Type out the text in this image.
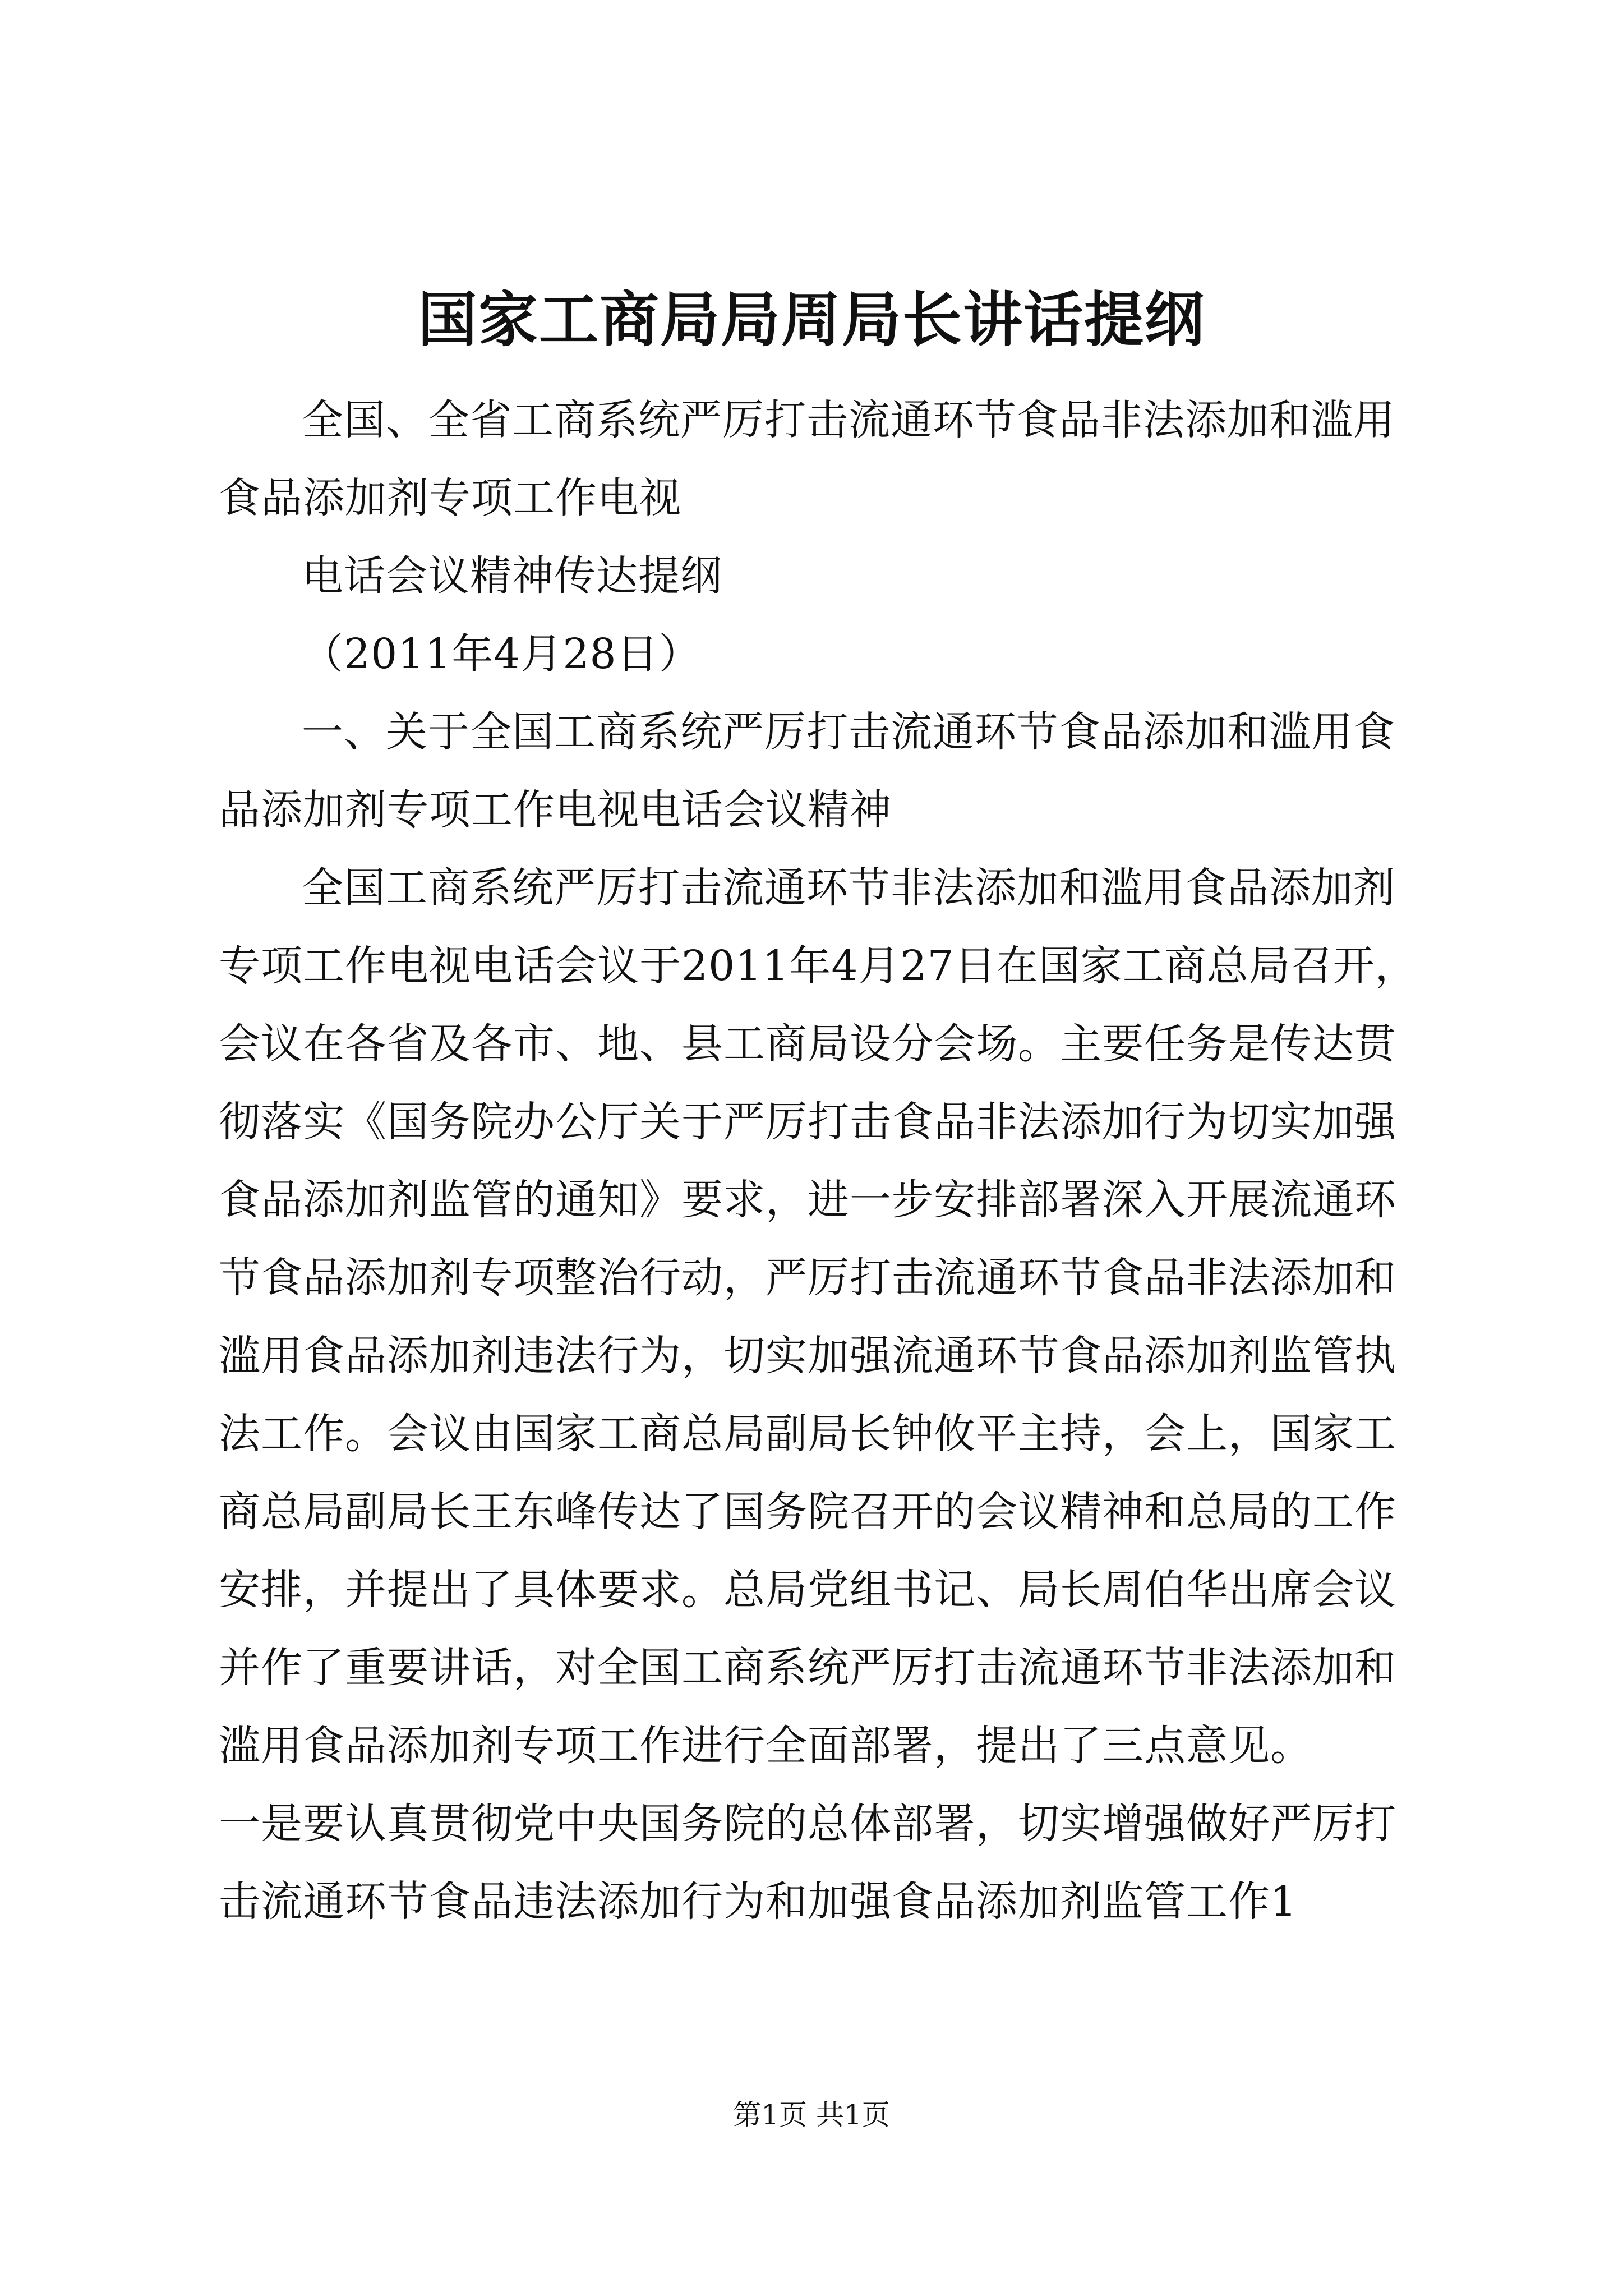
国家工商局局周局长讲话提纲

全国、全省工商系统严厉打击流通环节食品非法添加和滥用食品添加剂专项工作电视

电话会议精神传达提纲

（2011年4月28日）

一、关于全国工商系统严厉打击流通环节食品添加和滥用食品添加剂专项工作电视电话会议精神

全国工商系统严厉打击流通环节非法添加和滥用食品添加剂专项工作电视电话会议于2011年4月27日在国家工商总局召开，会议在各省及各市、地、县工商局设分会场。主要任务是传达贯彻落实《国务院办公厅关于严厉打击食品非法添加行为切实加强食品添加剂监管的通知》要求，进一步安排部署深入开展流通环节食品添加剂专项整治行动，严厉打击流通环节食品非法添加和滥用食品添加剂违法行为，切实加强流通环节食品添加剂监管执法工作。会议由国家工商总局副局长钟攸平主持，会上，国家工商总局副局长王东峰传达了国务院召开的会议精神和总局的工作安排，并提出了具体要求。总局党组书记、局长周伯华出席会议并作了重要讲话，对全国工商系统严厉打击流通环节非法添加和滥用食品添加剂专项工作进行全面部署，提出了三点意见。

一是要认真贯彻党中央国务院的总体部署，切实增强做好严厉打击流通环节食品违法添加行为和加强食品添加剂监管工作1

第1页 共1页
